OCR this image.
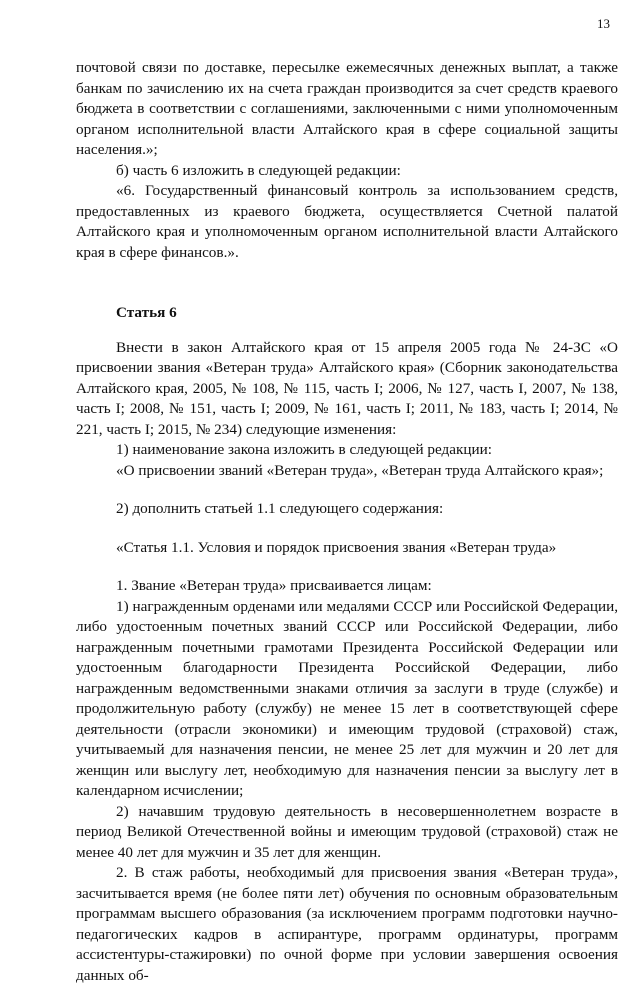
13

почтовой связи по доставке, пересылке ежемесячных денежных выплат, а также банкам по зачислению их на счета граждан производится за счет средств краевого бюджета в соответствии с соглашениями, заключенными с ними уполномоченным органом исполнительной власти Алтайского края в сфере социальной защиты населения.»;

б) часть 6 изложить в следующей редакции:

«6. Государственный финансовый контроль за использованием средств, предоставленных из краевого бюджета, осуществляется Счетной палатой Алтайского края и уполномоченным органом исполнительной власти Алтайского края в сфере финансов.».

Статья 6

Внести в закон Алтайского края от 15 апреля 2005 года № 24-ЗС «О присвоении звания «Ветеран труда» Алтайского края» (Сборник законодательства Алтайского края, 2005, № 108, № 115, часть I; 2006, № 127, часть I, 2007, № 138, часть I; 2008, № 151, часть I; 2009, № 161, часть I; 2011, № 183, часть I; 2014, № 221, часть I; 2015, № 234) следующие изменения:

1) наименование закона изложить в следующей редакции:

«О присвоении званий «Ветеран труда», «Ветеран труда Алтайского края»;

2) дополнить статьей 1.1 следующего содержания:

«Статья 1.1. Условия и порядок присвоения звания «Ветеран труда»

1. Звание «Ветеран труда» присваивается лицам:

1) награжденным орденами или медалями СССР или Российской Федерации, либо удостоенным почетных званий СССР или Российской Федерации, либо награжденным почетными грамотами Президента Российской Федерации или удостоенным благодарности Президента Российской Федерации, либо награжденным ведомственными знаками отличия за заслуги в труде (службе) и продолжительную работу (службу) не менее 15 лет в соответствующей сфере деятельности (отрасли экономики) и имеющим трудовой (страховой) стаж, учитываемый для назначения пенсии, не менее 25 лет для мужчин и 20 лет для женщин или выслугу лет, необходимую для назначения пенсии за выслугу лет в календарном исчислении;

2) начавшим трудовую деятельность в несовершеннолетнем возрасте в период Великой Отечественной войны и имеющим трудовой (страховой) стаж не менее 40 лет для мужчин и 35 лет для женщин.

2. В стаж работы, необходимый для присвоения звания «Ветеран труда», засчитывается время (не более пяти лет) обучения по основным образовательным программам высшего образования (за исключением программ подготовки научно-педагогических кадров в аспирантуре, программ ординатуры, программ ассистентуры-стажировки) по очной форме при условии завершения освоения данных об-
